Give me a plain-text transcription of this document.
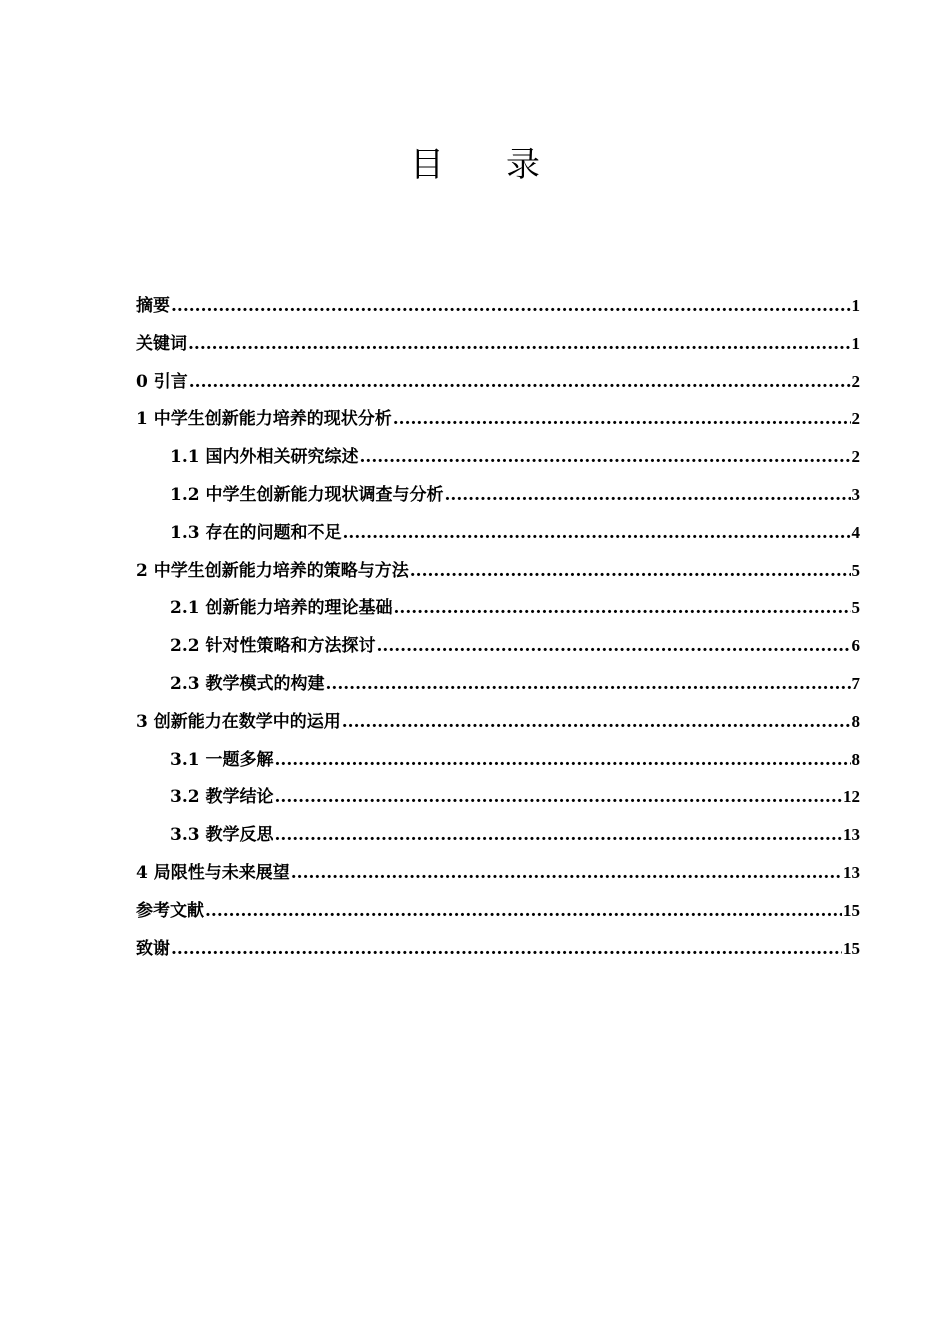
目 录
摘要 .....	1
关键词 .....	1
0 引言 .....	2
1 中学生创新能力培养的现状分析 .....	2
1.1 国内外相关研究综述 .....	2
1.2 中学生创新能力现状调查与分析 .....	3
1.3 存在的问题和不足 .....	4
2 中学生创新能力培养的策略与方法 .....	5
2.1 创新能力培养的理论基础 .....	5
2.2 针对性策略和方法探讨 .....	6
2.3 教学模式的构建 .....	7
3 创新能力在数学中的运用 .....	8
3.1 一题多解 .....	8
3.2 教学结论 .....	12
3.3 教学反思 .....	13
4 局限性与未来展望 .....	13
参考文献 .....	15
致谢 .....	15
